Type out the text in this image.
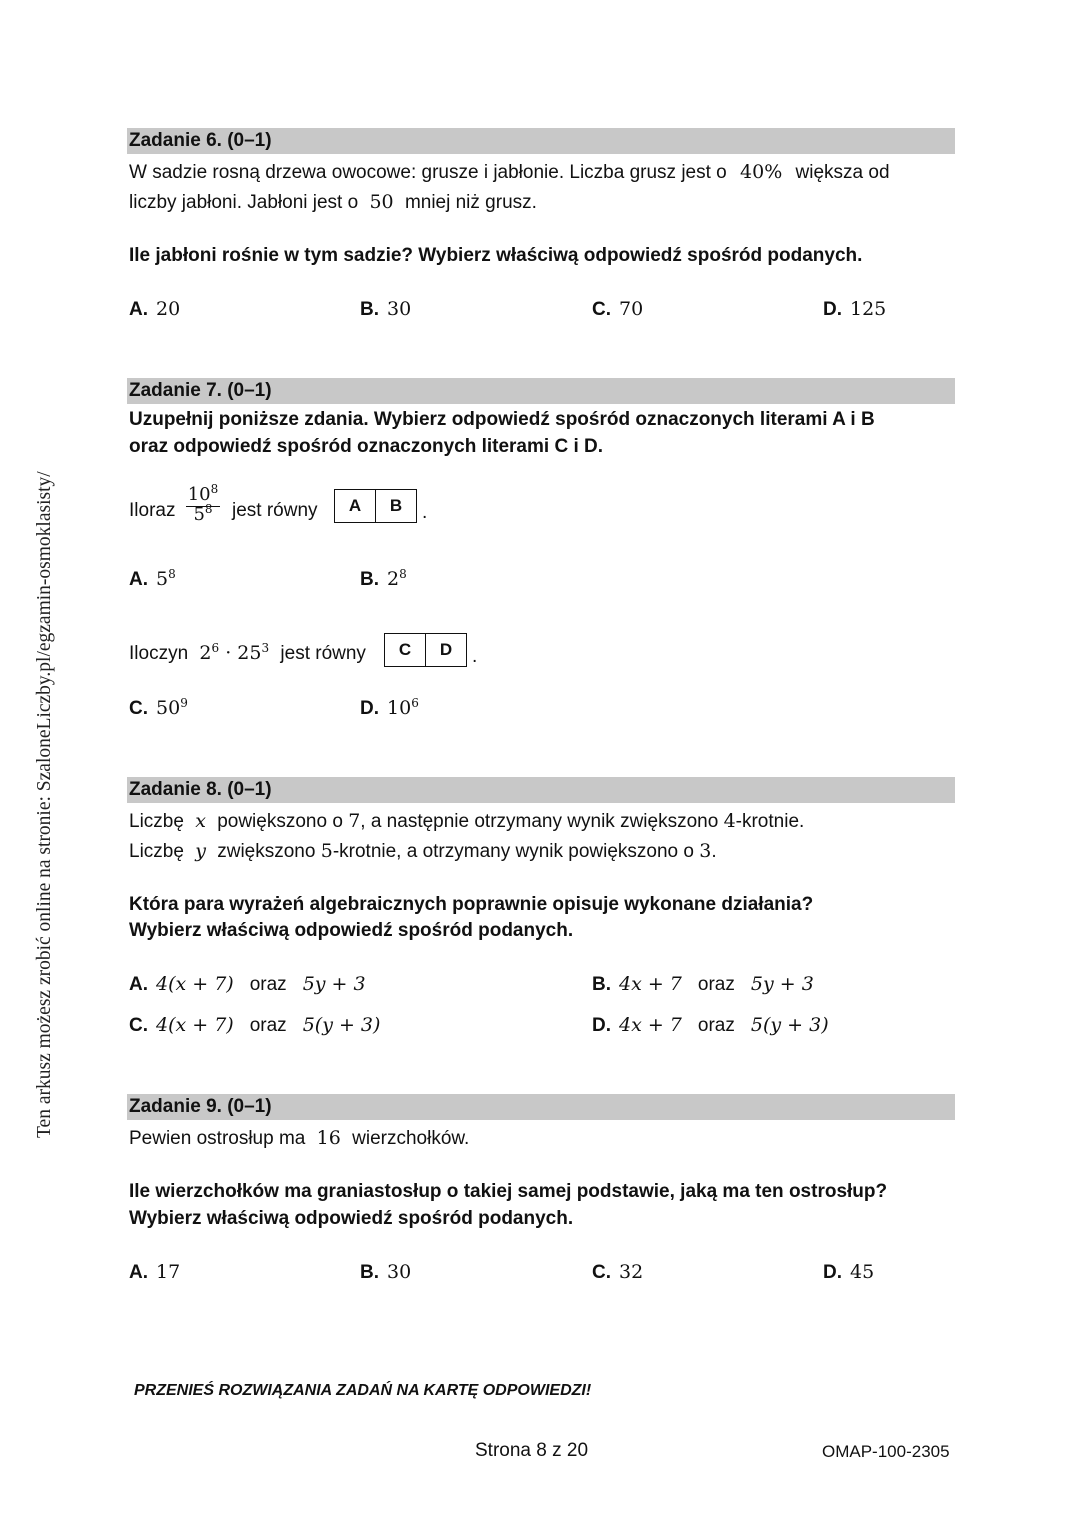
Ten arkusz możesz zrobić online na stronie: SzaloneLiczby.pl/egzamin-osmoklasisty/
Zadanie 6. (0–1)
W sadzie rosną drzewa owocowe: grusze i jabłonie. Liczba grusz jest o 40% większa od
liczby jabłoni. Jabłoni jest o 50 mniej niż grusz.
Ile jabłoni rośnie w tym sadzie? Wybierz właściwą odpowiedź spośród podanych.
A. 20	B. 30	C. 70	D. 125
Zadanie 7. (0–1)
Uzupełnij poniższe zdania. Wybierz odpowiedź spośród oznaczonych literami A i B
oraz odpowiedź spośród oznaczonych literami C i D.
Iloraz
$10^8$
$5^8$	jest równy	A	B	.
A. $5^8$	B. $2^8$
Iloczyn $2^6 \cdot 25^3$ jest równy	C	D	.
C. $50^9$	D. $10^6$
Zadanie 8. (0–1)
Liczbę x powiększono o 7, a następnie otrzymany wynik zwiększono 4-krotnie.
Liczbę y zwiększono 5-krotnie, a otrzymany wynik powiększono o 3.
Która para wyrażeń algebraicznych poprawnie opisuje wykonane działania?
Wybierz właściwą odpowiedź spośród podanych.
A. 4(x + 7) oraz 5y + 3	B. 4x + 7 oraz 5y + 3
C. 4(x + 7) oraz 5(y + 3)	D. 4x + 7 oraz 5(y + 3)
Zadanie 9. (0–1)
Pewien ostrosłup ma 16 wierzchołków.
Ile wierzchołków ma graniastosłup o takiej samej podstawie, jaką ma ten ostrosłup?
Wybierz właściwą odpowiedź spośród podanych.
A. 17	B. 30	C. 32	D. 45
PRZENIEŚ ROZWIĄZANIA ZADAŃ NA KARTĘ ODPOWIEDZI!
Strona 8 z 20	OMAP-100-2305
